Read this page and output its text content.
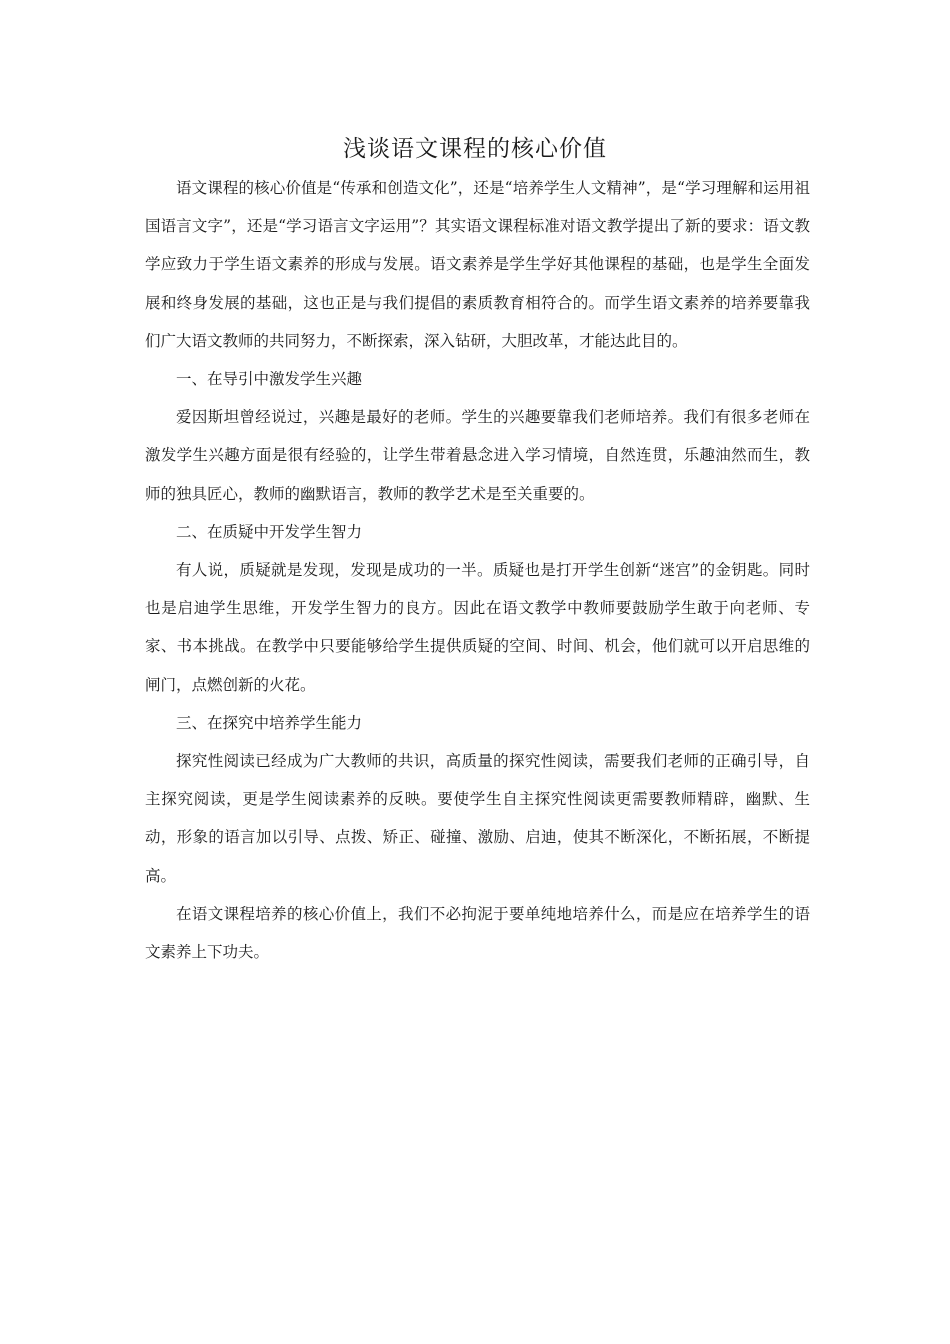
浅谈语文课程的核心价值

语文课程的核心价值是“传承和创造文化”，还是“培养学生人文精神”，是“学习理解和运用祖国语言文字”，还是“学习语言文字运用”？其实语文课程标准对语文教学提出了新的要求：语文教学应致力于学生语文素养的形成与发展。语文素养是学生学好其他课程的基础，也是学生全面发展和终身发展的基础，这也正是与我们提倡的素质教育相符合的。而学生语文素养的培养要靠我们广大语文教师的共同努力，不断探索，深入钻研，大胆改革，才能达此目的。

一、在导引中激发学生兴趣

爱因斯坦曾经说过，兴趣是最好的老师。学生的兴趣要靠我们老师培养。我们有很多老师在激发学生兴趣方面是很有经验的，让学生带着悬念进入学习情境，自然连贯，乐趣油然而生，教师的独具匠心，教师的幽默语言，教师的教学艺术是至关重要的。

二、在质疑中开发学生智力

有人说，质疑就是发现，发现是成功的一半。质疑也是打开学生创新“迷宫”的金钥匙。同时也是启迪学生思维，开发学生智力的良方。因此在语文教学中教师要鼓励学生敢于向老师、专家、书本挑战。在教学中只要能够给学生提供质疑的空间、时间、机会，他们就可以开启思维的闸门，点燃创新的火花。

三、在探究中培养学生能力

探究性阅读已经成为广大教师的共识，高质量的探究性阅读，需要我们老师的正确引导，自主探究阅读，更是学生阅读素养的反映。要使学生自主探究性阅读更需要教师精辟，幽默、生动，形象的语言加以引导、点拨、矫正、碰撞、激励、启迪，使其不断深化，不断拓展，不断提高。

在语文课程培养的核心价值上，我们不必拘泥于要单纯地培养什么，而是应在培养学生的语文素养上下功夫。
